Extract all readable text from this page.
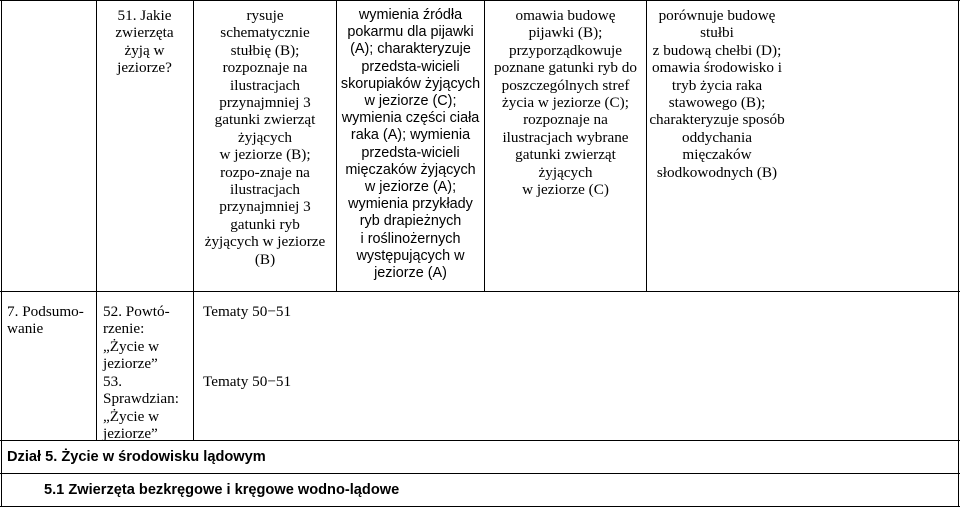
51. Jakie
zwierzęta
żyją w
jeziorze?
rysuje
schematycznie
stułbię (B);
rozpoznaje na
ilustracjach
przynajmniej 3
gatunki zwierząt
żyjących
w jeziorze (B);
rozpo-znaje na
ilustracjach
przynajmniej 3
gatunki ryb
żyjących w jeziorze
(B)
wymienia źródła
pokarmu dla pijawki
(A); charakteryzuje
przedsta-wicieli
skorupiaków żyjących
w jeziorze (C);
wymienia części ciała
raka (A); wymienia
przedsta-wicieli
mięczaków żyjących
w jeziorze (A);
wymienia przykłady
ryb drapieżnych
i roślinożernych
występujących w
jeziorze (A)
omawia budowę
pijawki (B);
przyporządkowuje
poznane gatunki ryb do
poszczególnych stref
życia w jeziorze (C);
rozpoznaje na
ilustracjach wybrane
gatunki zwierząt
żyjących
w jeziorze (C)
porównuje budowę
stułbi
z budową chełbi (D);
omawia środowisko i
tryb życia raka
stawowego (B);
charakteryzuje sposób
oddychania
mięczaków
słodkowodnych (B)
7. Podsumo-
wanie
52. Powtó-
rzenie:
„Życie w
jeziorze”
Tematy 50−51
53.
Sprawdzian:
„Życie w
jeziorze”
Tematy 50−51
Dział 5. Życie w środowisku lądowym
5.1 Zwierzęta bezkręgowe i kręgowe wodno-lądowe
